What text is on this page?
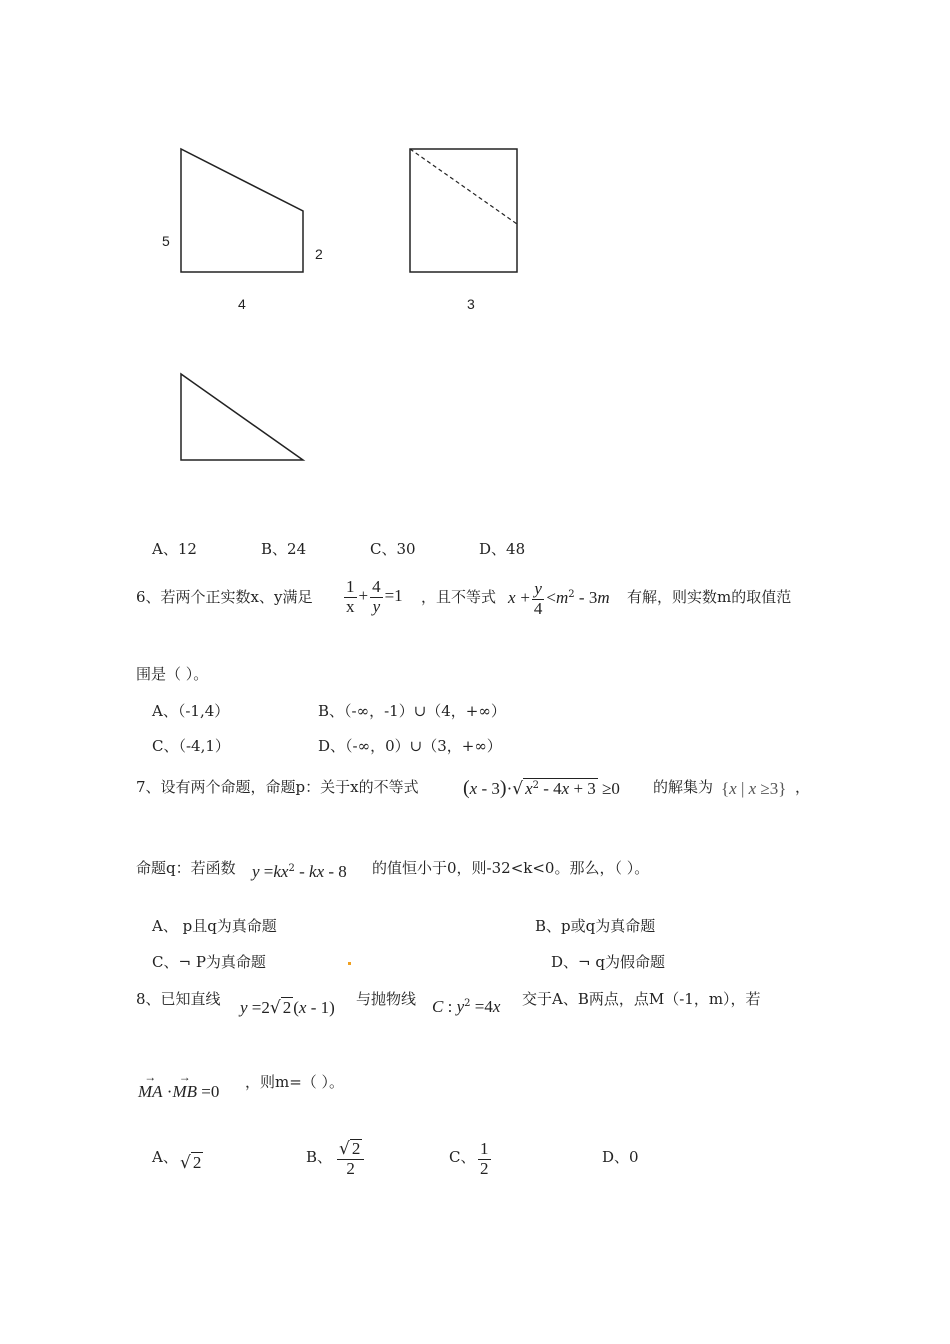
5
2
4	3
A、12	B、24	C、30	D、48
6、若两个正实数x、y满足 $\frac{1}{x} + \frac{4}{y} =1$ ，且不等式 $x + \frac{y}{4} <m^2 - 3m$ 有解，则实数m的取值范
围是（ ）。
A、（-1,4）	B、（-∞，-1）∪（4，+∞）
C、（-4,1）	D、（-∞，0）∪（3，+∞）
7、设有两个命题，命题p：关于x的不等式 (x - 3)·√ $x^2 - 4x + 3 \ge 0$ 的解集为 {x | x ≥3} ，
命题q：若函数 $y =kx^2$ - kx - 8 的值恒小于0，则-32<k<0。那么，（ ）。
A、 p且q为真命题	B、p或q为真命题
C、¬ P为真命题	D、¬ q为假命题
8、已知直线 y =2√ 2 (x - 1) 与抛物线 C : $y^2 =4x$ 交于A、B两点，点M（-1，m），若
→ MA ·→ MB =0 ，则m=（ ）。
A、 √ 2	B、 $\frac{√ 2}{2}$	C、 $\frac{1}{2}$	D、0
